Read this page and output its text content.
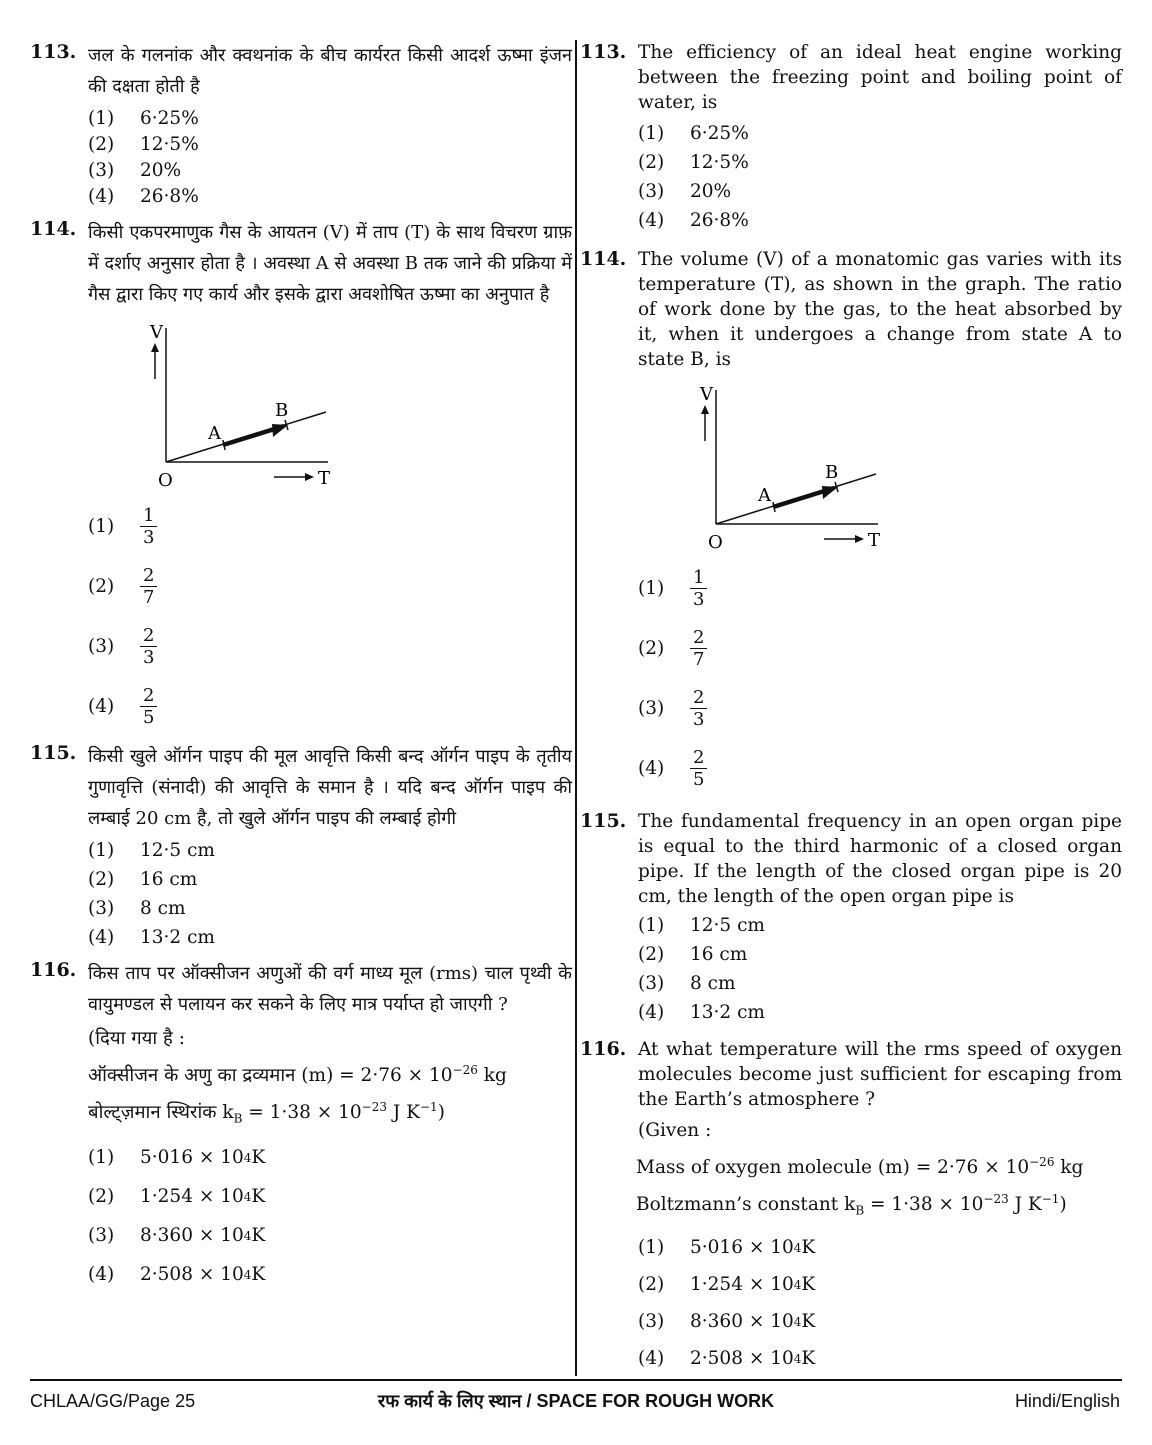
113. जल के गलनांक और क्वथनांक के बीच कार्यरत किसी आदर्श ऊष्मा इंजन की दक्षता होती है
(1)	6·25%
(2)	12·5%
(3)	20%
(4)	26·8%
114. किसी एकपरमाणुक गैस के आयतन (V) में ताप (T) के साथ विचरण ग्राफ़ में दर्शाए अनुसार होता है । अवस्था A से अवस्था B तक जाने की प्रक्रिया में गैस द्वारा किए गए कार्य और इसके द्वारा अवशोषित ऊष्मा का अनुपात है
V
A
B
O	T
(1)	$\frac{1}{3}$
(2)	$\frac{2}{7}$
(3)	$\frac{2}{3}$
(4)	$\frac{2}{5}$
115. किसी खुले ऑर्गन पाइप की मूल आवृत्ति किसी बन्द ऑर्गन पाइप के तृतीय गुणावृत्ति (संनादी) की आवृत्ति के समान है । यदि बन्द ऑर्गन पाइप की लम्बाई 20 cm है, तो खुले ऑर्गन पाइप की लम्बाई होगी
(1)	12·5 cm
(2)	16 cm
(3)	8 cm
(4)	13·2 cm
116. किस ताप पर ऑक्सीजन अणुओं की वर्ग माध्य मूल (rms) चाल पृथ्वी के वायुमण्डल से पलायन कर सकने के लिए मात्र पर्याप्त हो जाएगी ?
(दिया गया है :
ऑक्सीजन के अणु का द्रव्यमान $(m) = 2\cdot 76 \times 10^{-26}$ kg
बोल्ट्ज़मान स्थिरांक $k_B = 1\cdot 38 \times 10^{-23}$ J $K^{-1}$)
(1)	5·016 × 10 4 K
(2)	1·254 × 10 4 K
(3)	8·360 × 10 4 K
(4)	2·508 × 10 4 K
113. The efficiency of an ideal heat engine working between the freezing point and boiling point of water, is
(1)	6·25%
(2)	12·5%
(3)	20%
(4)	26·8%
114. The volume (V) of a monatomic gas varies with its temperature (T), as shown in the graph. The ratio of work done by the gas, to the heat absorbed by it, when it undergoes a change from state A to state B, is
V
A
B
O	T
(1)	$\frac{1}{3}$
(2)	$\frac{2}{7}$
(3)	$\frac{2}{3}$
(4)	$\frac{2}{5}$
115. The fundamental frequency in an open organ pipe is equal to the third harmonic of a closed organ pipe. If the length of the closed organ pipe is 20 cm, the length of the open organ pipe is
(1)	12·5 cm
(2)	16 cm
(3)	8 cm
(4)	13·2 cm
116. At what temperature will the rms speed of oxygen molecules become just sufficient for escaping from the Earth’s atmosphere ?
(Given :
Mass of oxygen molecule $(m) = 2\cdot 76 \times 10^{-26}$ kg
Boltzmann’s constant $k_B = 1\cdot 38 \times 10^{-23}$ J $K^{-1}$)
(1)	5·016 × 10 4 K
(2)	1·254 × 10 4 K
(3)	8·360 × 10 4 K
(4)	2·508 × 10 4 K
CHLAA/GG/Page 25	रफ कार्य के लिए स्थान / SPACE FOR ROUGH WORK	Hindi/English
